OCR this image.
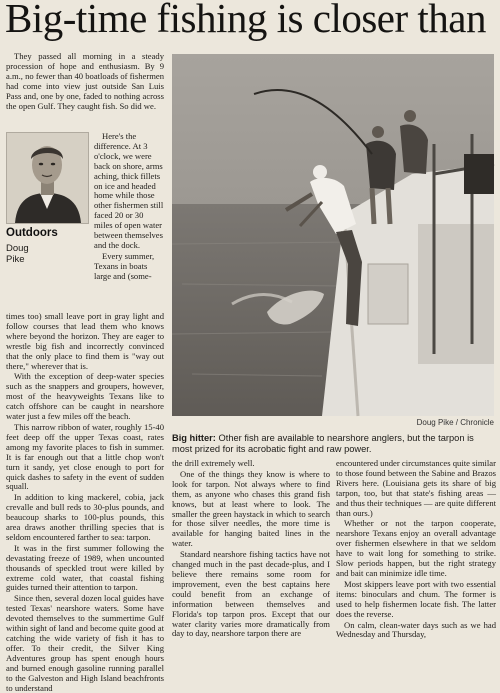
Big-time fishing is closer than

They passed all morning in a steady procession of hope and enthusiasm. By 9 a.m., no fewer than 40 boatloads of fishermen had come into view just outside San Luis Pass and, one by one, faded to nothing across the open Gulf. They caught fish. So did we.

Outdoors
Doug
Pike

Here's the difference. At 3 o'clock, we were back on shore, arms aching, thick fillets on ice and headed home while those other fishermen still faced 20 or 30 miles of open water between themselves and the dock.

Every summer, Texans in boats large and (some-

times too) small leave port in gray light and follow courses that lead them who knows where beyond the horizon. They are eager to wrestle big fish and incorrectly convinced that the only place to find them is "way out there," wherever that is.

With the exception of deep-water species such as the snappers and groupers, however, most of the heavyweights Texans like to catch offshore can be caught in nearshore water just a few miles off the beach.

This narrow ribbon of water, roughly 15-40 feet deep off the upper Texas coast, rates among my favorite places to fish in summer. It is far enough out that a little chop won't turn it sandy, yet close enough to port for quick dashes to safety in the event of sudden squall.

In addition to king mackerel, cobia, jack crevalle and bull reds to 30-plus pounds, and beaucoup sharks to 100-plus pounds, this area draws another thrilling species that is seldom encountered farther to sea: tarpon.

It was in the first summer following the devastating freeze of 1989, when uncounted thousands of speckled trout were killed by extreme cold water, that coastal fishing guides turned their attention to tarpon.

Since then, several dozen local guides have tested Texas' nearshore waters. Some have devoted themselves to the summertime Gulf within sight of land and become quite good at catching the wide variety of fish it has to offer. To their credit, the Silver King Adventures group has spent enough hours and burned enough gasoline running parallel to the Galveston and High Island beachfronts to understand

Doug Pike / Chronicle
Big hitter: Other fish are available to nearshore anglers, but the tarpon is most prized for its acrobatic fight and raw power.

the drill extremely well.

One of the things they know is where to look for tarpon. Not always where to find them, as anyone who chases this grand fish knows, but at least where to look. The smaller the green haystack in which to search for those silver needles, the more time is available for hanging baited lines in the water.

Standard nearshore fishing tactics have not changed much in the past decade-plus, and I believe there remains some room for improvement, even the best captains here could benefit from an exchange of information between themselves and Florida's top tarpon pros. Except that our water clarity varies more dramatically from day to day, nearshore tarpon there are

encountered under circumstances quite similar to those found between the Sabine and Brazos Rivers here. (Louisiana gets its share of big tarpon, too, but that state's fishing areas — and thus their techniques — are quite different than ours.)

Whether or not the tarpon cooperate, nearshore Texans enjoy an overall advantage over fishermen elsewhere in that we seldom have to wait long for something to strike. Slow periods happen, but the right strategy and bait can minimize idle time.

Most skippers leave port with two essential items: binoculars and chum. The former is used to help fishermen locate fish. The latter does the reverse.

On calm, clean-water days such as we had Wednesday and Thursday,
